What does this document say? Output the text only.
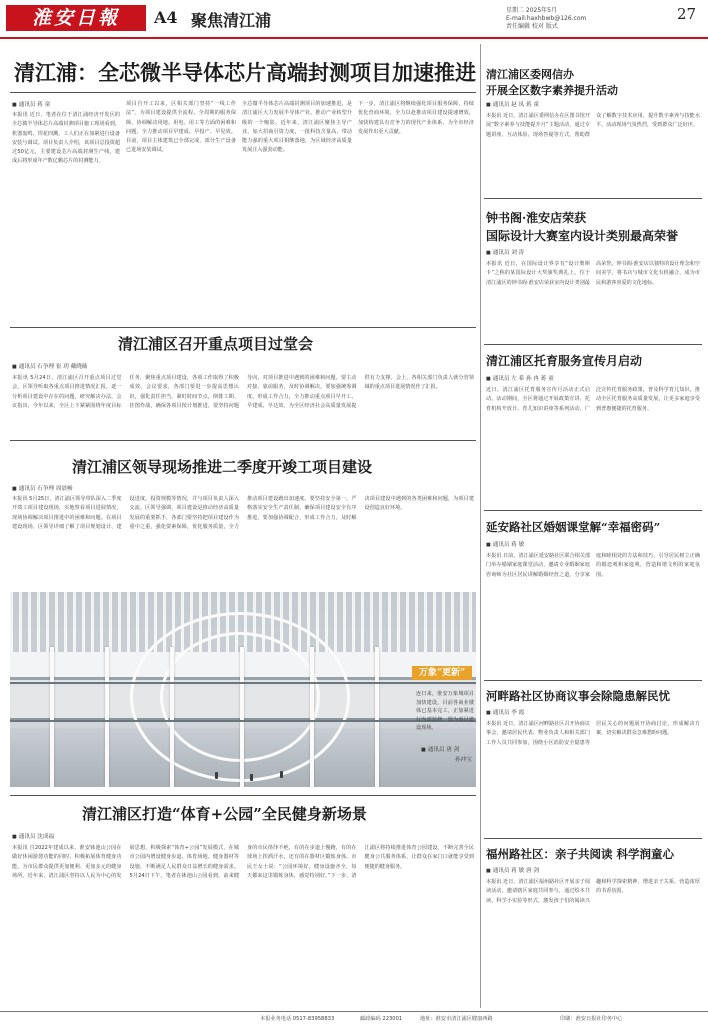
淮安日報	A4 聚焦清江浦
星期二 2025年5月
E-mail:haxhbwb@126.com
责任编辑 校对 版式
27
清江浦：全芯微半导体芯片高端封测项目加速推进
■ 通讯员 蒋 童
本报讯 近日，笔者在位于清江浦经济开发区的全芯微半导体芯片高端封测项目施工现场看到，机器轰鸣、焊花四溅，工人们正在加紧进行设备安装与调试。项目负责人介绍，该项目总投资超过50亿元，主要建设芯片高端封测生产线，建成后将形成年产数亿颗芯片的封测能力。
项目自开工以来，区相关部门坚持“一线工作法”，为项目建设提供全流程、全周期的服务保障，协调解决用地、用电、用工等方面的困难和问题，全力推动项目早建成、早投产、早见效。目前，项目主体建筑已全部完成，部分生产设备已进场安装调试。
全芯微半导体芯片高端封测项目的加速推进，是清江浦区大力发展半导体产业、推动产业转型升级的一个缩影。近年来，清江浦区聚焦主导产业，加大招商引资力度，一批科技含量高、带动能力强的重大项目相继落地，为区域经济高质量发展注入强劲动能。
下一步，清江浦区将继续强化项目服务保障，持续优化营商环境，全力以赴推动项目建设提速增效，加快构建具有竞争力的现代产业体系，为全市经济发展作出更大贡献。
清江浦区召开重点项目过堂会
■ 通讯员 石争理 崔 玥 戴晓薇
本报讯 5月24日，清江浦区召开重点项目过堂会，区领导听取各重点项目推进情况汇报，逐一分析项目建设中存在的问题，研究解决办法。会议指出，今年以来，全区上下紧紧围绕年度目标任务，聚焦重点项目建设，各项工作取得了积极成效。会议要求，各部门要进一步提高思想认识，强化责任担当，紧盯时间节点，倒排工期、挂图作战，确保各项目按计划推进。要坚持问题导向，对项目推进中遇到的困难和问题，要主动对接、靠前服务，及时协调解决。要加强统筹调度，形成工作合力，全力推动重点项目早开工、早建成、早达效，为全区经济社会高质量发展提供有力支撑。会上，各相关部门负责人就分管领域的重点项目进展情况作了汇报。
清江浦区领导现场推进二季度开竣工项目建设
■ 通讯员 石争理 周晨畅
本报讯 5月25日，清江浦区领导带队深入二季度开竣工项目建设现场，实地察看项目进展情况，现场协调解决项目推进中的困难和问题。在项目建设现场，区领导详细了解了项目规划设计、建设进度、投资规模等情况，并与项目负责人深入交流。区领导强调，项目建设是推动经济高质量发展的重要抓手，各部门要坚持把项目建设作为重中之重，强化要素保障，优化服务质量，全力推动项目建设跑出加速度。要坚持安全第一，严格落实安全生产责任制，确保项目建设安全有序推进。要加强协调配合，形成工作合力，及时解决项目建设中遇到的各类困难和问题，为项目建设创造良好环境。
万象“更新”
连日来，淮安万象城项目加快建设，目前各商业楼体已基本完工，正加紧进行内部装修。图为项目建设现场。
■ 通讯员 唐 剑
孙冲宝
清江浦区打造“体育+公园”全民健身新场景
■ 通讯员 沈成福
本报讯 自2022年建成以来，淮安钵池山公园在做好休闲游憩功能的同时，积极拓展体育健身功能，为市民群众提供更加便利、更加多元的健身场所。近年来，清江浦区坚持以人民为中心的发展思想，积极探索“体育+公园”发展模式，在城市公园内增设健身步道、体育场地、健身器材等设施，不断满足人民群众日益增长的健身需求。5月24日下午，笔者在钵池山公园看到，前来健身的市民络绎不绝，有的在步道上慢跑，有的在球场上挥洒汗水，还有的在器材区锻炼身体。市民王女士说：“公园环境好，健身设施齐全，每天都来这里锻炼身体，感觉特别好。”下一步，清江浦区将持续推进体育公园建设，不断完善全民健身公共服务体系，让群众在家门口就能享受到便捷的健身服务。
清江浦区委网信办
开展全区数字素养提升活动
■ 通讯员 赵 凤 蒋 童
本报讯 近日，清江浦区委网信办在区图书馆开展“数字素养与技能提升月”主题活动，通过专题讲座、互动体验、现场答疑等方式，帮助群众了解数字技术应用，提升数字素养与技能水平。活动现场气氛热烈，受到群众广泛好评。
钟书阁·淮安店荣获
国际设计大赛室内设计类别最高荣誉
■ 通讯员 刘 涛
本报讯 近日，在国际设计界享有“设计奥斯卡”之称的某国际设计大奖颁奖典礼上，位于清江浦区的钟书阁·淮安店荣获室内设计类别最高荣誉。钟书阁·淮安店以独特的设计理念和空间美学，将书店与城市文化有机融合，成为市民和游客喜爱的文化地标。
清江浦区托育服务宣传月启动
■ 通讯员 左 希 孙 冉 蒋 童
近日，清江浦区托育服务宣传月活动正式启动。活动期间，全区将通过开展政策宣讲、托育机构开放日、育儿知识讲座等系列活动，广泛宣传托育服务政策，普及科学育儿知识，推动全区托育服务高质量发展，让更多家庭享受到普惠便捷的托育服务。
延安路社区婚姻课堂解“幸福密码”
■ 通讯员 蒋 敏
本报讯 日前，清江浦区延安路社区联合相关部门举办婚姻家庭课堂活动，邀请专业婚姻家庭咨询师为社区居民讲解婚姻经营之道，分享家庭和睦相处的方法和技巧，引导居民树立正确的婚恋观和家庭观，营造和谐文明的家庭氛围。
河畔路社区协商议事会除隐患解民忧
■ 通讯员 李 霞
本报讯 近日，清江浦区河畔路社区召开协商议事会，邀请居民代表、物业负责人和相关部门工作人员共同参加，围绕小区消防安全隐患等居民关心的问题展开协商讨论，形成解决方案，切实解决群众急难愁盼问题。
福州路社区：亲子共阅读 科学润童心
■ 通讯员 蒋 敏 唐 剑
本报讯 近日，清江浦区福州路社区开展亲子阅读活动，邀请辖区家庭共同参与，通过绘本共读、科学小实验等形式，激发孩子们的阅读兴趣和科学探索精神，增进亲子关系，营造浓厚的书香氛围。
本报业务电话 0517-83958833	邮政编码 223001	地址：淮安市清江浦区健康西路	印刷：淮安日报社印务中心
